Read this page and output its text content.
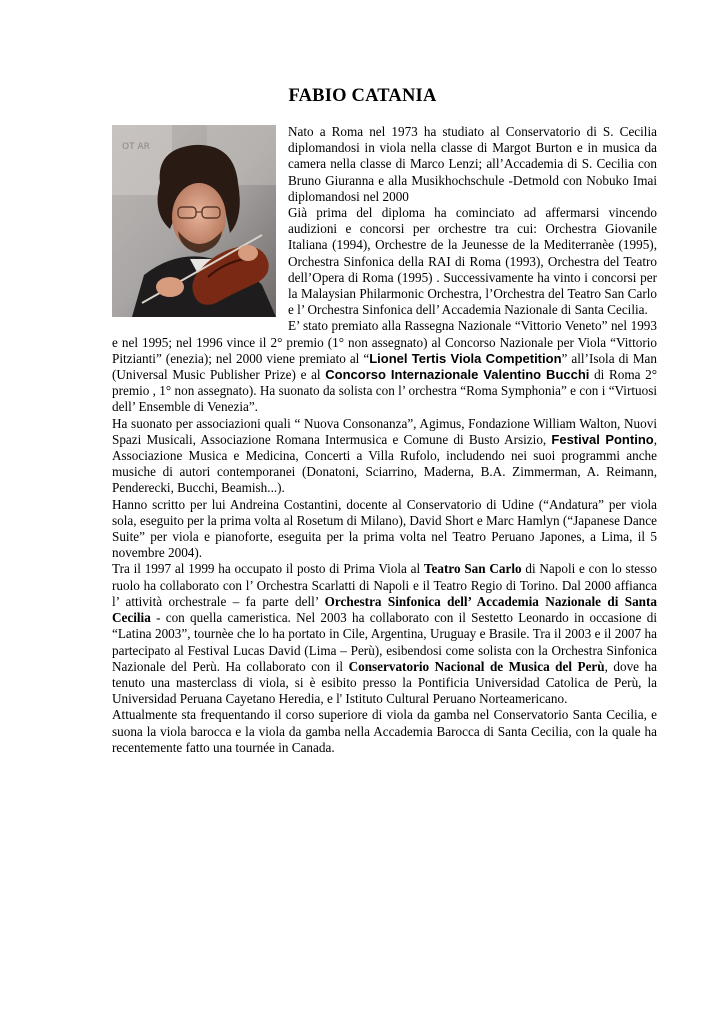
FABIO CATANIA
OT AR

Nato a Roma nel 1973 ha studiato al Conservatorio di S. Cecilia diplomandosi in viola nella classe di Margot Burton e in musica da camera nella classe di Marco Lenzi; all’Accademia di S. Cecilia con Bruno Giuranna e alla Musikhochschule -Detmold con Nobuko Imai diplomandosi nel 2000

Già prima del diploma ha cominciato ad affermarsi vincendo audizioni e concorsi per orchestre tra cui: Orchestra Giovanile Italiana (1994), Orchestre de la Jeunesse de la Mediterranèe (1995), Orchestra Sinfonica della RAI di Roma (1993), Orchestra del Teatro dell’Opera di Roma (1995) . Successivamente ha vinto i concorsi per la Malaysian Philarmonic Orchestra, l’Orchestra del Teatro San Carlo e l’ Orchestra Sinfonica dell’ Accademia Nazionale di Santa Cecilia.

E’ stato premiato alla Rassegna Nazionale “Vittorio Veneto” nel 1993 e nel 1995; nel 1996 vince il 2° premio (1° non assegnato) al Concorso Nazionale per Viola “Vittorio Pitzianti” (enezia); nel 2000 viene premiato al “Lionel Tertis Viola Competition” all’Isola di Man (Universal Music Publisher Prize) e al Concorso Internazionale Valentino Bucchi di Roma 2° premio , 1° non assegnato). Ha suonato da solista con l’ orchestra “Roma Symphonia” e con i “Virtuosi dell’ Ensemble di Venezia”.

Ha suonato per associazioni quali “ Nuova Consonanza”, Agimus, Fondazione William Walton, Nuovi Spazi Musicali, Associazione Romana Intermusica e Comune di Busto Arsizio, Festival Pontino, Associazione Musica e Medicina, Concerti a Villa Rufolo, includendo nei suoi programmi anche musiche di autori contemporanei (Donatoni, Sciarrino, Maderna, B.A. Zimmerman, A. Reimann, Penderecki, Bucchi, Beamish...).

Hanno scritto per lui Andreina Costantini, docente al Conservatorio di Udine (“Andatura” per viola sola, eseguito per la prima volta al Rosetum di Milano), David Short e Marc Hamlyn (“Japanese Dance Suite” per viola e pianoforte, eseguita per la prima volta nel Teatro Peruano Japones, a Lima, il 5 novembre 2004).

Tra il 1997 al 1999 ha occupato il posto di Prima Viola al Teatro San Carlo di Napoli e con lo stesso ruolo ha collaborato con l’ Orchestra Scarlatti di Napoli e il Teatro Regio di Torino. Dal 2000 affianca l’ attività orchestrale – fa parte dell’ Orchestra Sinfonica dell’ Accademia Nazionale di Santa Cecilia - con quella cameristica. Nel 2003 ha collaborato con il Sestetto Leonardo in occasione di “Latina 2003”, tournèe che lo ha portato in Cile, Argentina, Uruguay e Brasile. Tra il 2003 e il 2007 ha partecipato al Festival Lucas David (Lima – Perù), esibendosi come solista con la Orchestra Sinfonica Nazionale del Perù. Ha collaborato con il Conservatorio Nacional de Musica del Perù, dove ha tenuto una masterclass di viola, si è esibito presso la Pontificia Universidad Catolica de Perù, la Universidad Peruana Cayetano Heredia, e l' Istituto Cultural Peruano Norteamericano.

Attualmente sta frequentando il corso superiore di viola da gamba nel Conservatorio Santa Cecilia, e suona la viola barocca e la viola da gamba nella Accademia Barocca di Santa Cecilia, con la quale ha recentemente fatto una tournée in Canada.
